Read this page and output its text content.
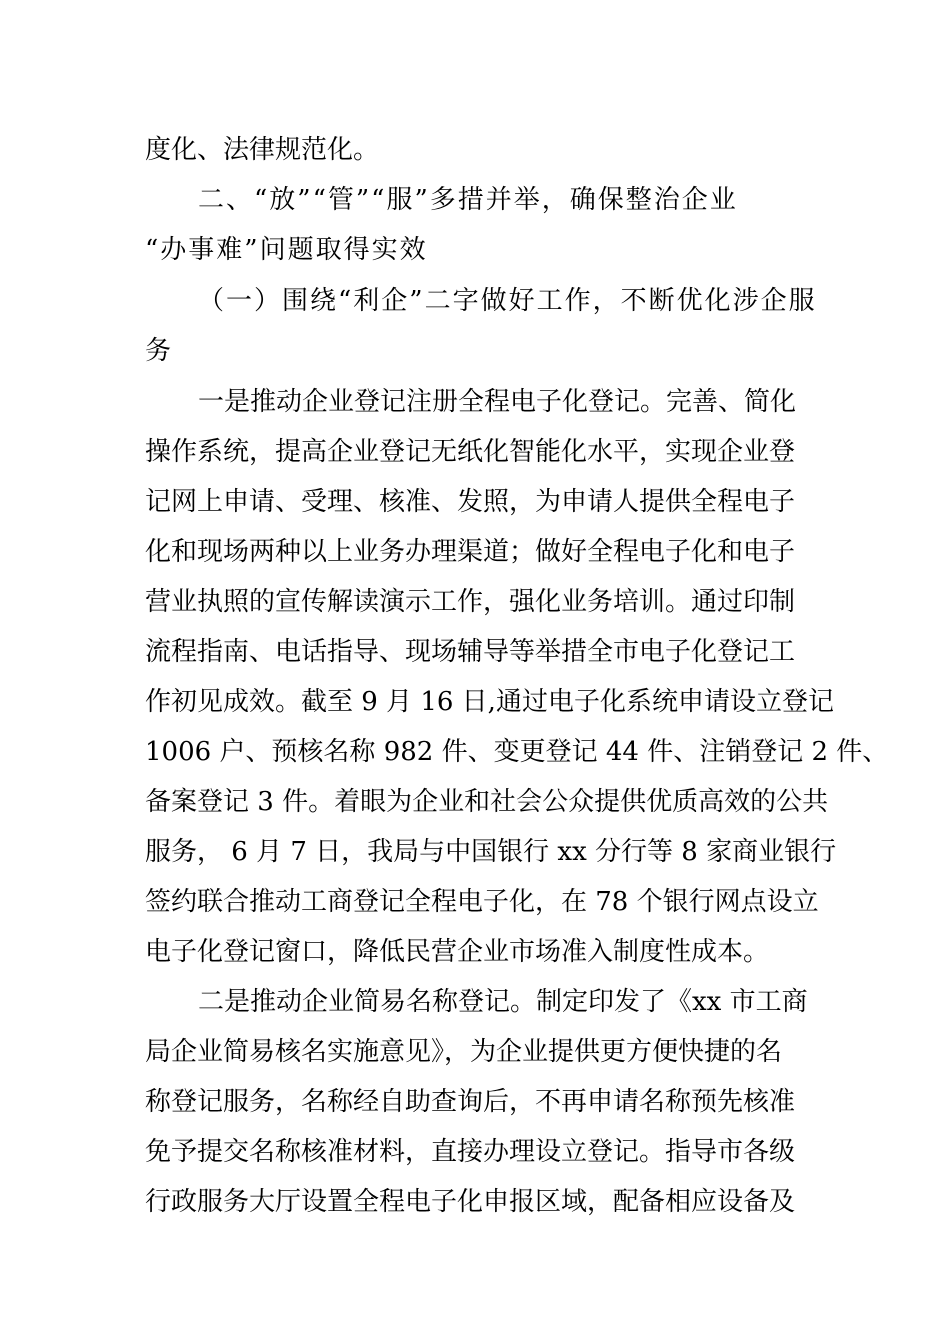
度化、法律规范化。
二、“放”“管”“服”多措并举，确保整治企业
“办事难”问题取得实效
（一）围绕“利企”二字做好工作，不断优化涉企服
务
一是推动企业登记注册全程电子化登记。完善、简化
操作系统，提高企业登记无纸化智能化水平，实现企业登
记网上申请、受理、核准、发照，为申请人提供全程电子
化和现场两种以上业务办理渠道；做好全程电子化和电子
营业执照的宣传解读演示工作，强化业务培训。通过印制
流程指南、电话指导、现场辅导等举措全市电子化登记工
作初见成效。截至 9 月 16 日,通过电子化系统申请设立登记
1006 户、预核名称 982 件、变更登记 44 件、注销登记 2 件、
备案登记 3 件。着眼为企业和社会公众提供优质高效的公共
服务， 6 月 7 日，我局与中国银行 xx 分行等 8 家商业银行
签约联合推动工商登记全程电子化，在 78 个银行网点设立
电子化登记窗口，降低民营企业市场准入制度性成本。
二是推动企业简易名称登记。制定印发了《xx 市工商
局企业简易核名实施意见》，为企业提供更方便快捷的名
称登记服务，名称经自助查询后，不再申请名称预先核准
免予提交名称核准材料，直接办理设立登记。指导市各级
行政服务大厅设置全程电子化申报区域，配备相应设备及
